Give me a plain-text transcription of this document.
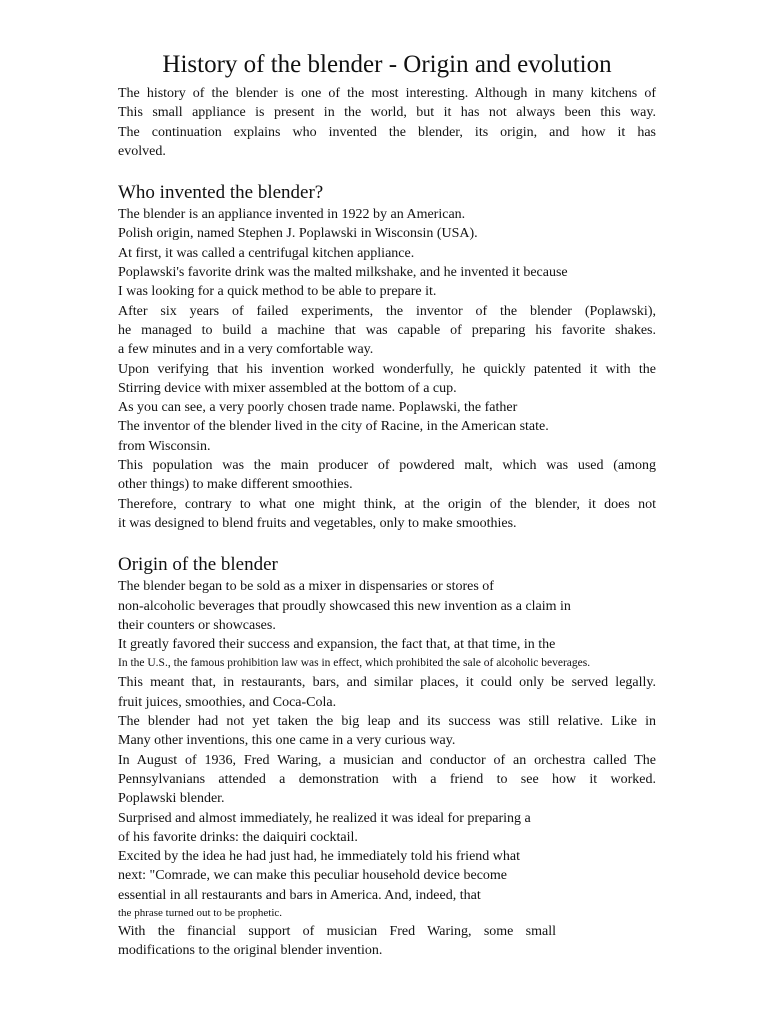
History of the blender - Origin and evolution
The history of the blender is one of the most interesting. Although in many kitchens of
This small appliance is present in the world, but it has not always been this way.
The continuation explains who invented the blender, its origin, and how it has
evolved.
Who invented the blender?
The blender is an appliance invented in 1922 by an American.
Polish origin, named Stephen J. Poplawski in Wisconsin (USA).
At first, it was called a centrifugal kitchen appliance.
Poplawski's favorite drink was the malted milkshake, and he invented it because
I was looking for a quick method to be able to prepare it.
After six years of failed experiments, the inventor of the blender (Poplawski),
he managed to build a machine that was capable of preparing his favorite shakes.
a few minutes and in a very comfortable way.
Upon verifying that his invention worked wonderfully, he quickly patented it with the
Stirring device with mixer assembled at the bottom of a cup.
As you can see, a very poorly chosen trade name. Poplawski, the father
The inventor of the blender lived in the city of Racine, in the American state.
from Wisconsin.
This population was the main producer of powdered malt, which was used (among
other things) to make different smoothies.
Therefore, contrary to what one might think, at the origin of the blender, it does not
it was designed to blend fruits and vegetables, only to make smoothies.
Origin of the blender
The blender began to be sold as a mixer in dispensaries or stores of
non-alcoholic beverages that proudly showcased this new invention as a claim in
their counters or showcases.
It greatly favored their success and expansion, the fact that, at that time, in the
In the U.S., the famous prohibition law was in effect, which prohibited the sale of alcoholic beverages.
This meant that, in restaurants, bars, and similar places, it could only be served legally.
fruit juices, smoothies, and Coca-Cola.
The blender had not yet taken the big leap and its success was still relative. Like in
Many other inventions, this one came in a very curious way.
In August of 1936, Fred Waring, a musician and conductor of an orchestra called The
Pennsylvanians attended a demonstration with a friend to see how it worked.
Poplawski blender.
Surprised and almost immediately, he realized it was ideal for preparing a
of his favorite drinks: the daiquiri cocktail.
Excited by the idea he had just had, he immediately told his friend what
next: "Comrade, we can make this peculiar household device become
essential in all restaurants and bars in America. And, indeed, that
the phrase turned out to be prophetic.
With the financial support of musician Fred Waring, some small
modifications to the original blender invention.
